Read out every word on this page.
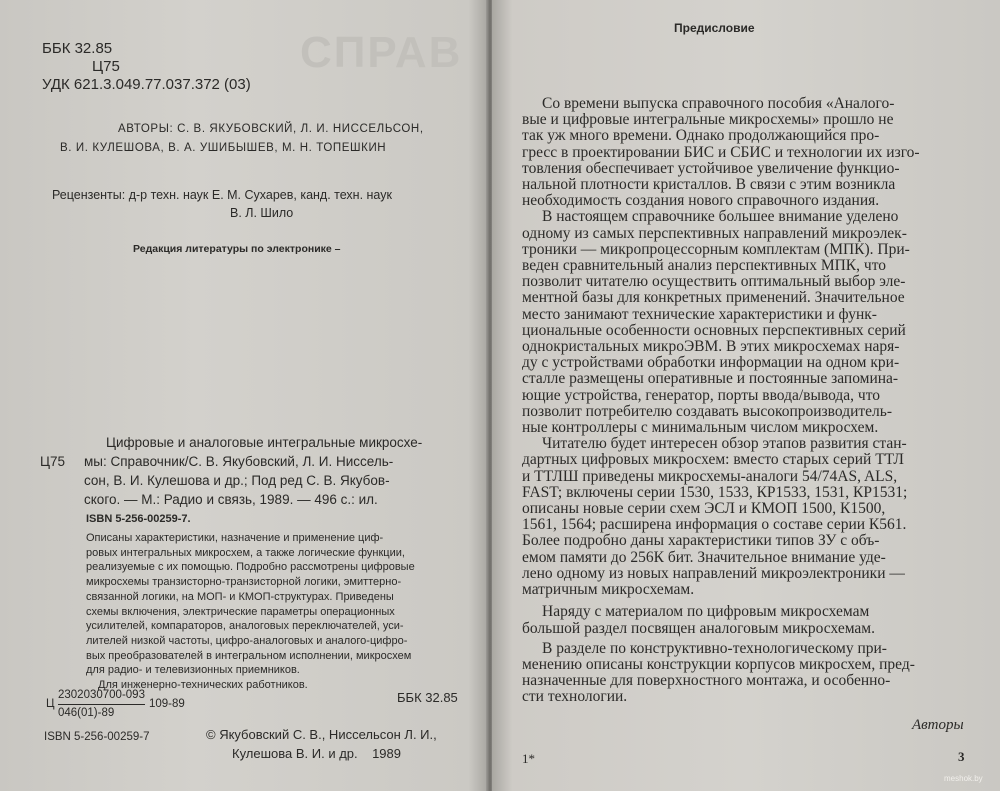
СПРАВ
ББК 32.85
Ц75
УДК 621.3.049.77.037.372 (03)
АВТОРЫ: С. В. ЯКУБОВСКИЙ, Л. И. НИССЕЛЬСОН,
В. И. КУЛЕШОВА, В. А. УШИБЫШЕВ, М. Н. ТОПЕШКИН
Рецензенты: д-р техн. наук Е. М. Сухарев, канд. техн. наук
В. Л. Шило
Редакция литературы по электронике –
Ц75
Цифровые и аналоговые интегральные микросхе-
мы: Справочник/С. В. Якубовский, Л. И. Ниссель-
сон, В. И. Кулешова и др.; Под ред С. В. Якубов-
ского. — М.: Радио и связь, 1989. — 496 с.: ил.
ISBN 5-256-00259-7.
Описаны характеристики, назначение и применение циф-
ровых интегральных микросхем, а также логические функции,
реализуемые с их помощью. Подробно рассмотрены цифровые
микросхемы транзисторно-транзисторной логики, эмиттерно-
связанной логики, на МОП- и КМОП-структурах. Приведены
схемы включения, электрические параметры операционных
усилителей, компараторов, аналоговых переключателей, уси-
лителей низкой частоты, цифро-аналоговых и аналого-цифро-
вых преобразователей в интегральном исполнении, микросхем
для радио- и телевизионных приемников.
Для инженерно-технических работников.
Ц
2302030700-093
046(01)-89
109-89	ББК 32.85
ISBN 5-256-00259-7	© Якубовский С. В., Ниссельсон Л. И.,
Кулешова В. И. и др.    1989
Предисловие
Со времени выпуска справочного пособия «Аналого-
вые и цифровые интегральные микросхемы» прошло не
так уж много времени. Однако продолжающийся про-
гресс в проектировании БИС и СБИС и технологии их изго-
товления обеспечивает устойчивое увеличение функцио-
нальной плотности кристаллов. В связи с этим возникла
необходимость создания нового справочного издания.
В настоящем справочнике большее внимание уделено
одному из самых перспективных направлений микроэлек-
троники — микропроцессорным комплектам (МПК). При-
веден сравнительный анализ перспективных МПК, что
позволит читателю осуществить оптимальный выбор эле-
ментной базы для конкретных применений. Значительное
место занимают технические характеристики и функ-
циональные особенности основных перспективных серий
однокристальных микроЭВМ. В этих микросхемах наря-
ду с устройствами обработки информации на одном кри-
сталле размещены оперативные и постоянные запомина-
ющие устройства, генератор, порты ввода/вывода, что
позволит потребителю создавать высокопроизводитель-
ные контроллеры с минимальным числом микросхем.
Читателю будет интересен обзор этапов развития стан-
дартных цифровых микросхем: вместо старых серий ТТЛ
и ТТЛШ приведены микросхемы-аналоги 54/74AS, ALS,
FAST; включены серии 1530, 1533, КР1533, 1531, КР1531;
описаны новые серии схем ЭСЛ и КМОП 1500, К1500,
1561, 1564; расширена информация о составе серии К561.
Более подробно даны характеристики типов ЗУ с объ-
емом памяти до 256К бит. Значительное внимание уде-
лено одному из новых направлений микроэлектроники —
матричным микросхемам.
Наряду с материалом по цифровым микросхемам
большой раздел посвящен аналоговым микросхемам.
В разделе по конструктивно-технологическому при-
менению описаны конструкции корпусов микросхем, пред-
назначенные для поверхностного монтажа, и особенно-
сти технологии.
Авторы
1*	3
meshok.by
